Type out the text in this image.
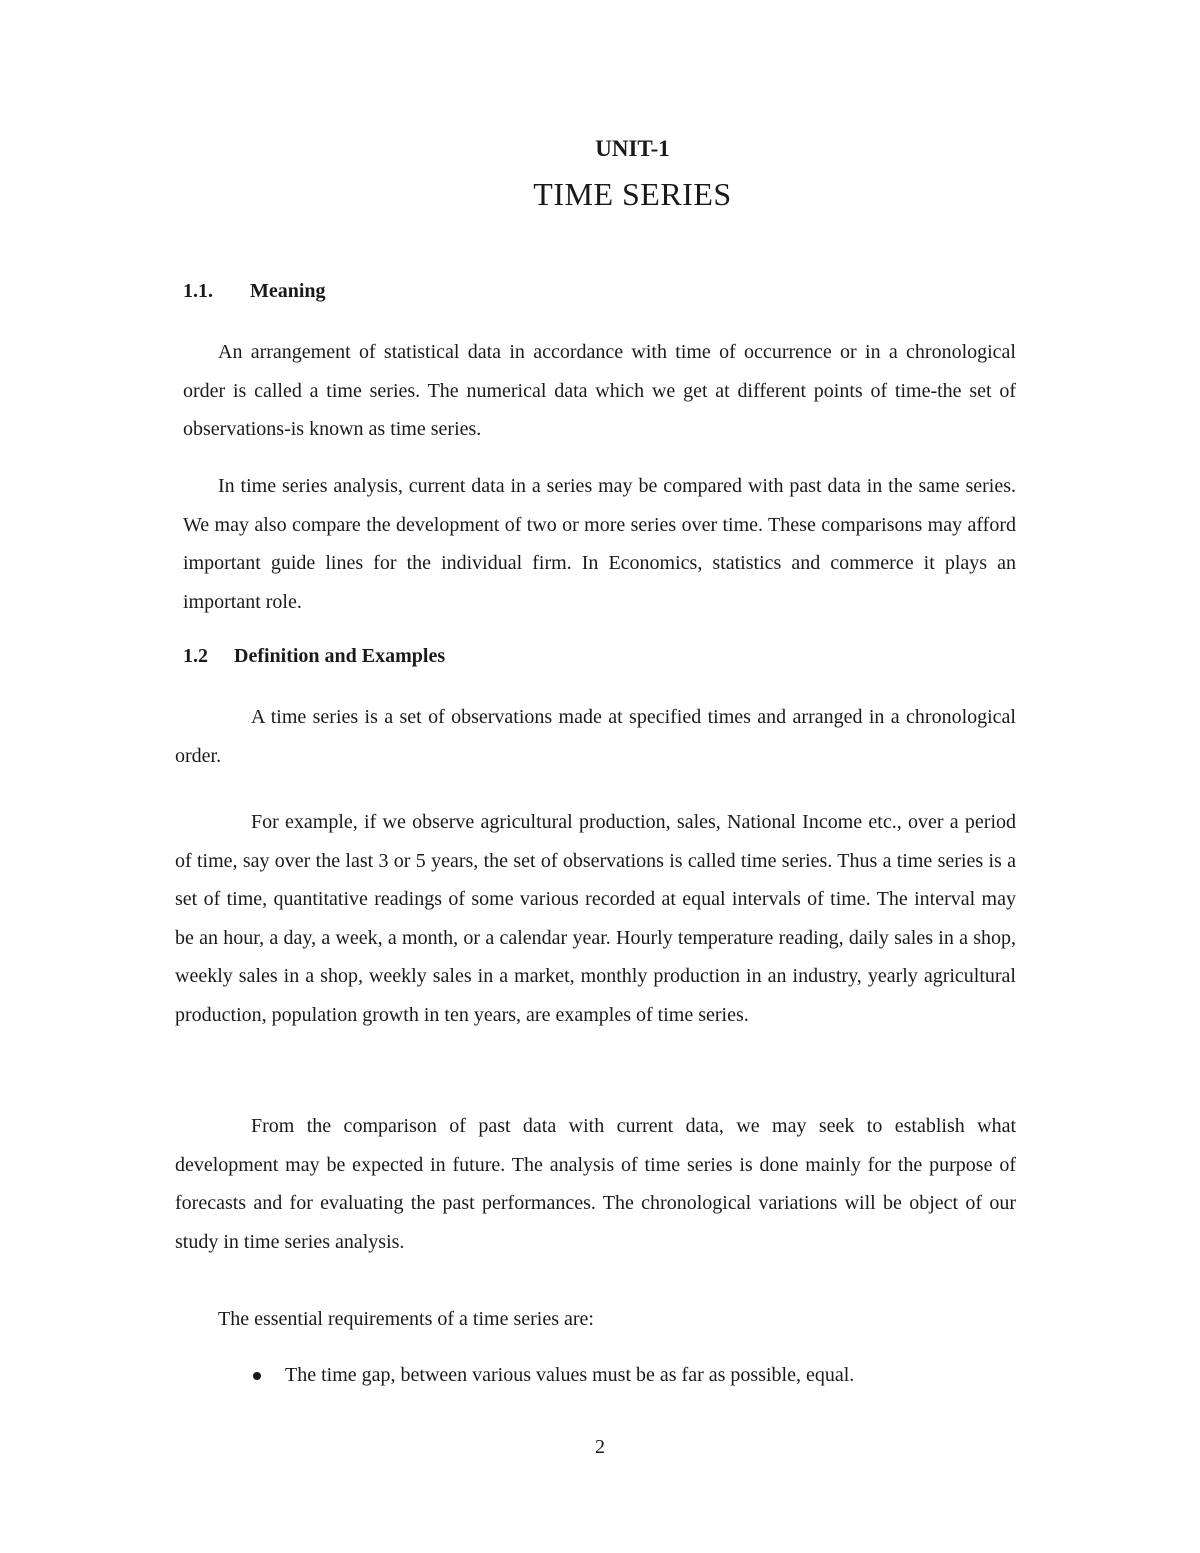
UNIT-1
TIME SERIES
1.1. Meaning

An arrangement of statistical data in accordance with time of occurrence or in a chronological order is called a time series. The numerical data which we get at different points of time-the set of observations-is known as time series.

In time series analysis, current data in a series may be compared with past data in the same series. We may also compare the development of two or more series over time. These comparisons may afford important guide lines for the individual firm. In Economics, statistics and commerce it plays an important role.

1.2 Definition and Examples

A time series is a set of observations made at specified times and arranged in a chronological order.

For example, if we observe agricultural production, sales, National Income etc., over a period of time, say over the last 3 or 5 years, the set of observations is called time series. Thus a time series is a set of time, quantitative readings of some various recorded at equal intervals of time. The interval may be an hour, a day, a week, a month, or a calendar year. Hourly temperature reading, daily sales in a shop, weekly sales in a shop, weekly sales in a market, monthly production in an industry, yearly agricultural production, population growth in ten years, are examples of time series.

From the comparison of past data with current data, we may seek to establish what development may be expected in future. The analysis of time series is done mainly for the purpose of forecasts and for evaluating the past performances. The chronological variations will be object of our study in time series analysis.

The essential requirements of a time series are:

The time gap, between various values must be as far as possible, equal.
2
